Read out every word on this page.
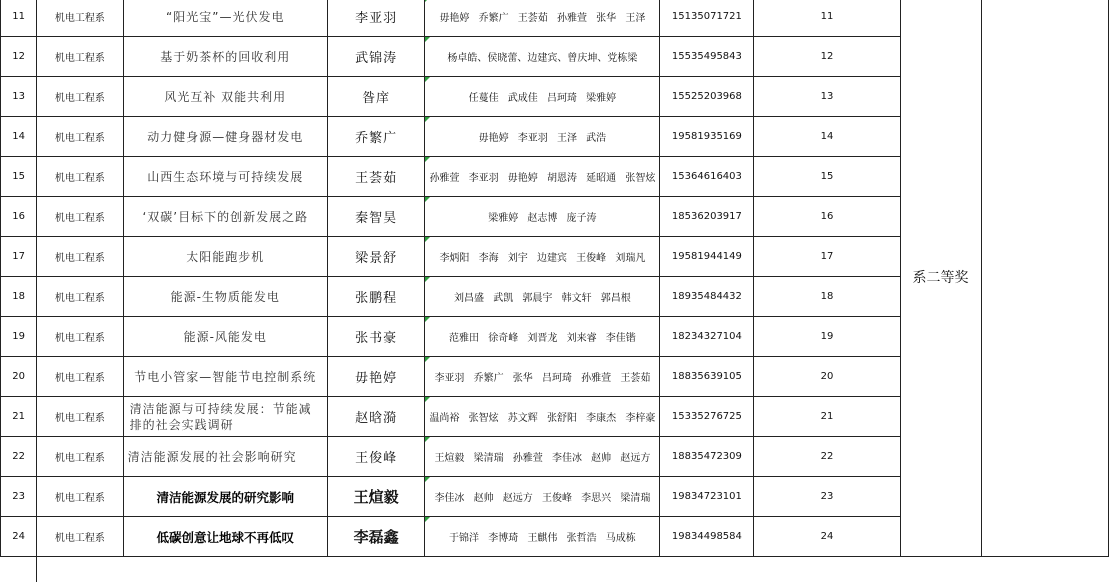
11	机电工程系	“阳光宝”—光伏发电	李亚羽	毋艳婷 乔繁广 王荟茹 孙雅萱 张华 王泽	15135071721	11	系二等奖	
12	机电工程系	基于奶茶杯的回收利用	武锦涛	杨卓皓、侯晓蕾、边建宾、曾庆坤、党栋梁	15535495843	12		
13	机电工程系	风光互补 双能共利用	昝庠	任蔓佳 武成佳 吕珂琦 梁雅婷	15525203968	13		
14	机电工程系	动力健身源—健身器材发电	乔繁广	毋艳婷 李亚羽 王泽 武浩	19581935169	14		
15	机电工程系	山西生态环境与可持续发展	王荟茹	孙雅萱 李亚羽 毋艳婷 胡恩涛 延昭通 张智炫	15364616403	15		
16	机电工程系	‘双碳’目标下的创新发展之路	秦智昊	梁雅婷 赵志博 庞子涛	18536203917	16		
17	机电工程系	太阳能跑步机	梁景舒	李炳阳 李海 刘宇 边建宾 王俊峰 刘瑞凡	19581944149	17		
18	机电工程系	能源-生物质能发电	张鹏程	刘昌盛 武凯 郭晨宇 韩文轩 郭昌根	18935484432	18		
19	机电工程系	能源-风能发电	张书豪	范雅田 徐奇峰 刘晋龙 刘来睿 李佳锴	18234327104	19		
20	机电工程系	节电小管家—智能节电控制系统	毋艳婷	李亚羽 乔繁广 张华 吕珂琦 孙雅萱 王荟茹	18835639105	20		
21	机电工程系	清洁能源与可持续发展：节能减排的社会实践调研	赵晗漪	温尚裕 张智炫 苏文辉 张舒阳 李康杰 李梓豪	15335276725	21		
22	机电工程系	清洁能源发展的社会影响研究	王俊峰	王煊毅 梁清瑞 孙雅萱 李佳冰 赵帅 赵远方	18835472309	22		
23	机电工程系	清洁能源发展的研究影响	王煊毅	李佳冰 赵帅 赵远方 王俊峰 李思兴 梁清瑞	19834723101	23		
24	机电工程系	低碳创意让地球不再低叹	李磊鑫	于锦洋 李博琦 王麒伟 张哲浩 马成栋	19834498584	24		
